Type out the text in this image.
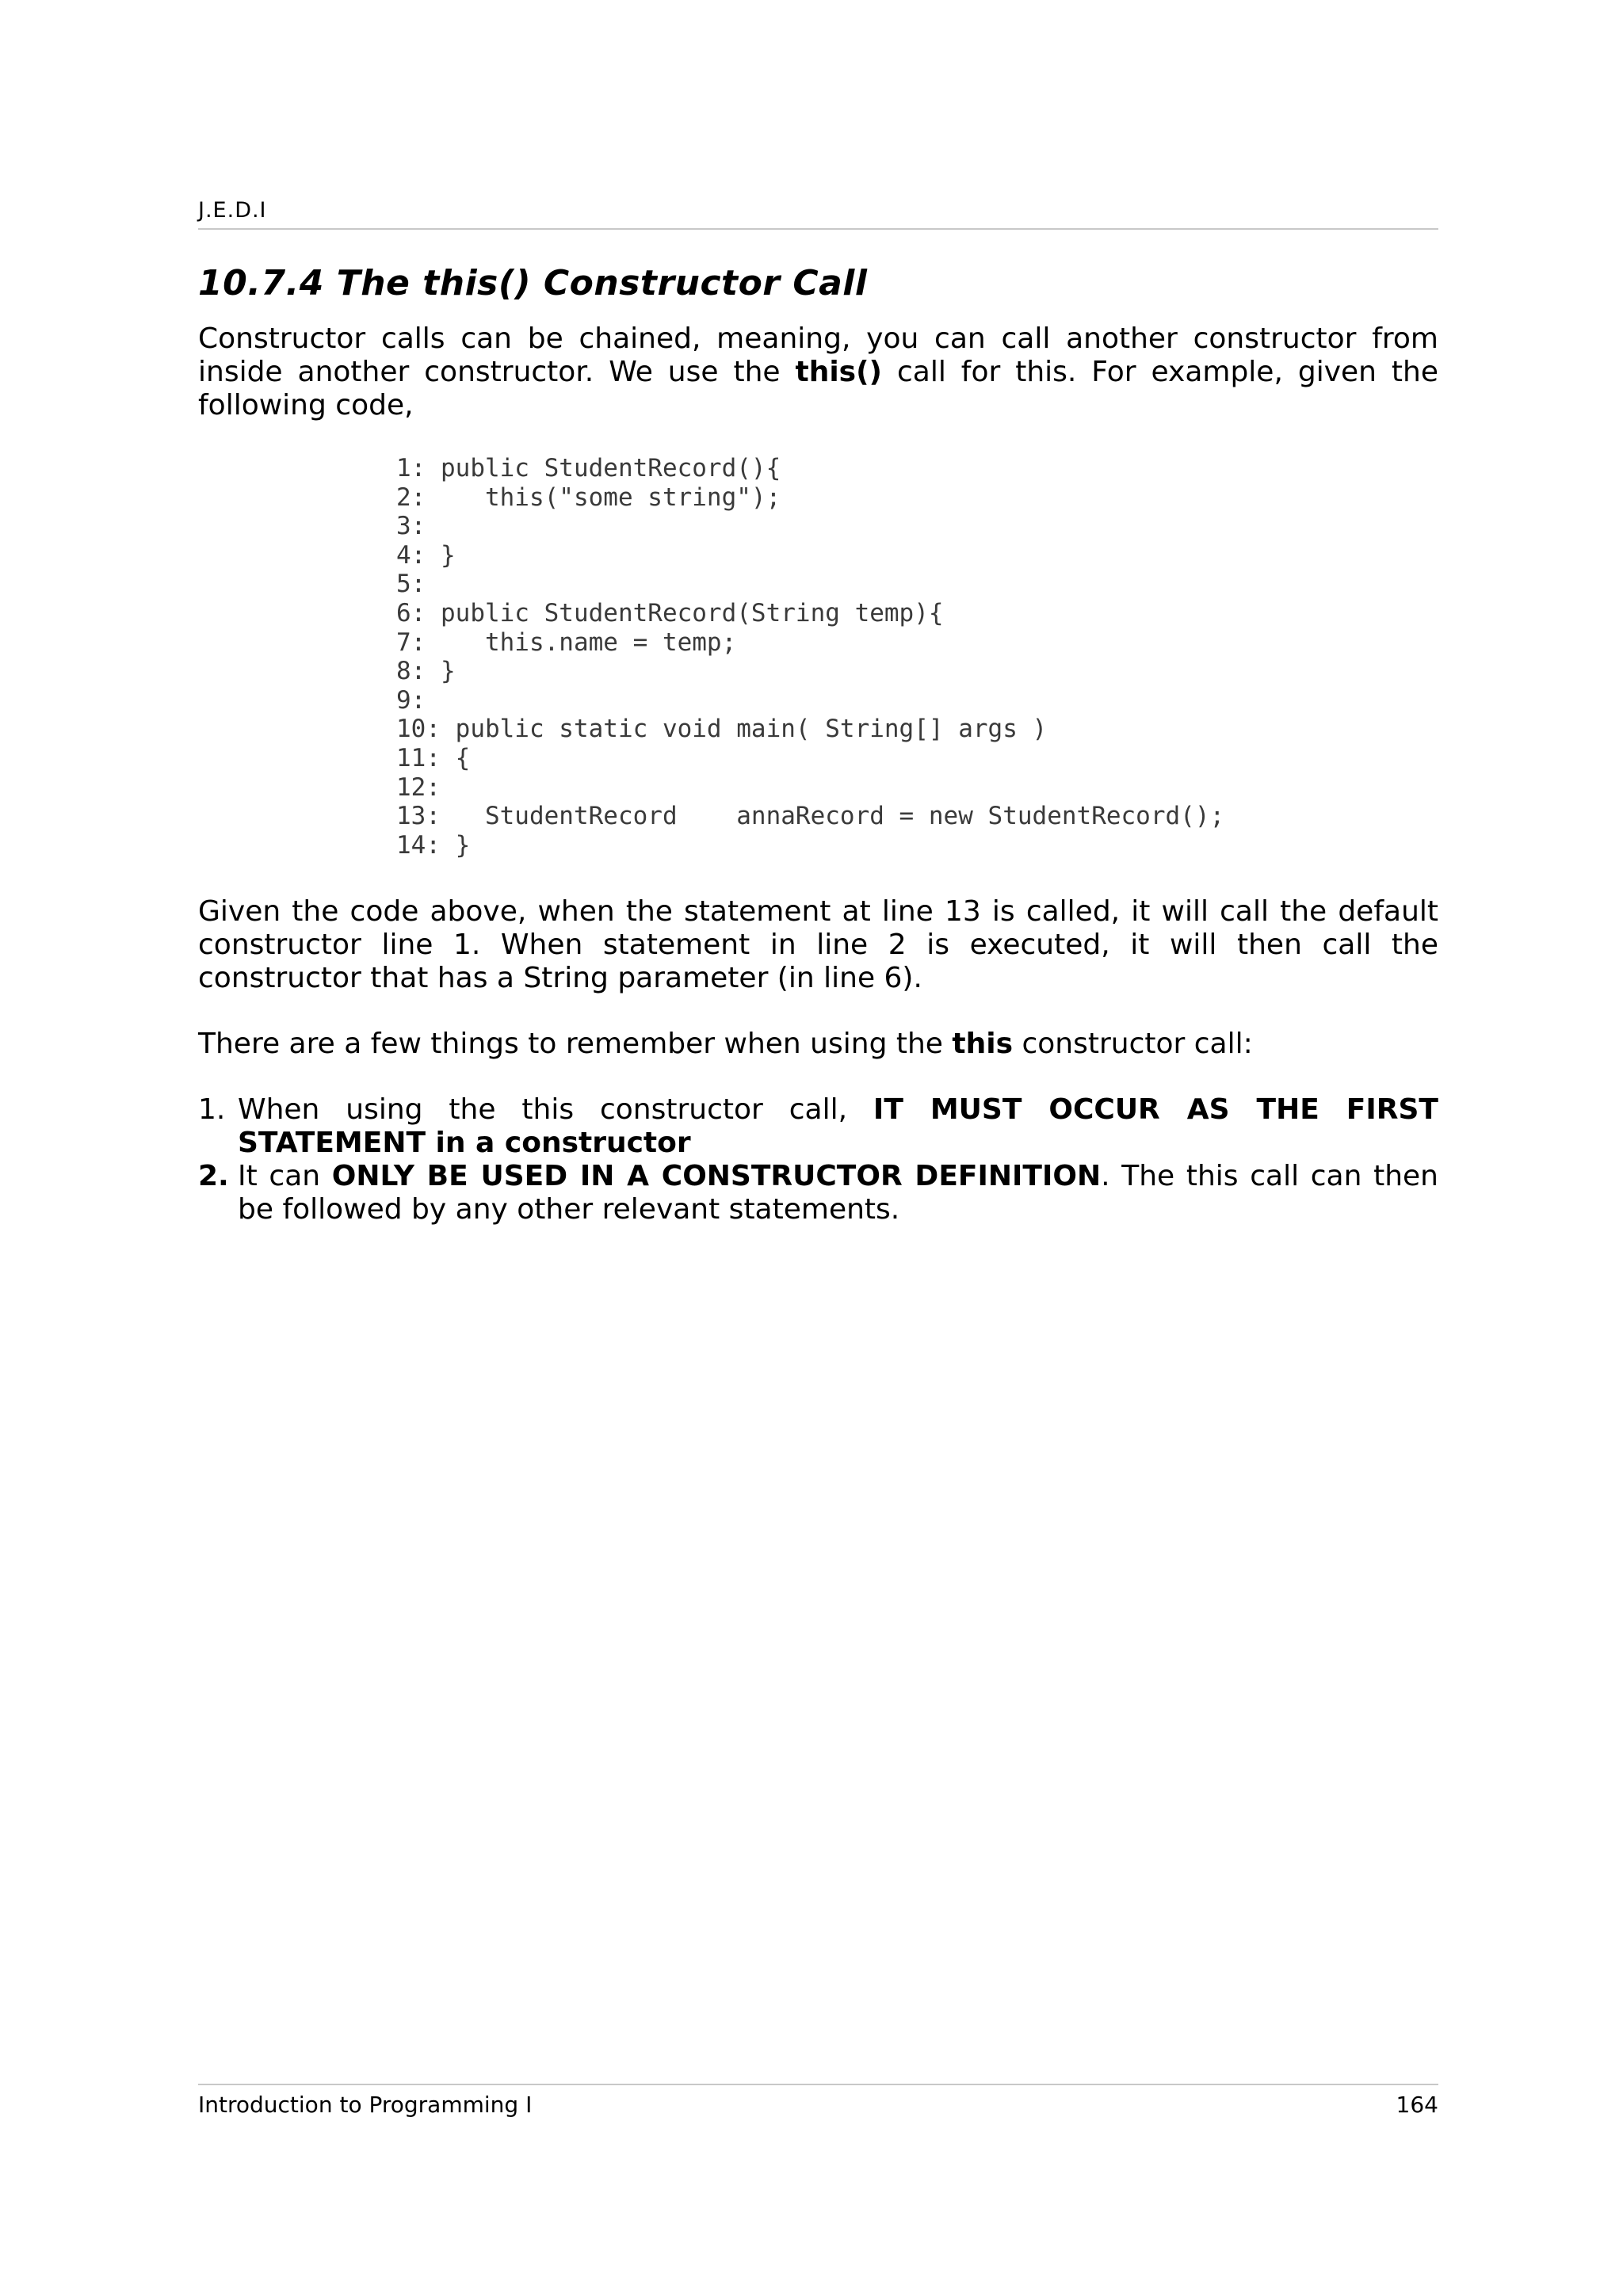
J.E.D.I
10.7.4 The this() Constructor Call

Constructor calls can be chained, meaning, you can call another constructor from inside another constructor. We use the this() call for this. For example, given the following code,

1: public StudentRecord(){
2:    this("some string");
3:
4: }
5:
6: public StudentRecord(String temp){
7:    this.name = temp;
8: }
9:
10: public static void main( String[] args )
11: {
12:
13:   StudentRecord    annaRecord = new StudentRecord();
14: }

Given the code above, when the statement at line 13 is called, it will call the default constructor line 1. When statement in line 2 is executed, it will then call the constructor that has a String parameter (in line 6).

There are a few things to remember when using the this constructor call:

1. When using the this constructor call, IT MUST OCCUR AS THE FIRST STATEMENT in a constructor
2. It can ONLY BE USED IN A CONSTRUCTOR DEFINITION. The this call can then be followed by any other relevant statements.
Introduction to Programming I	164
